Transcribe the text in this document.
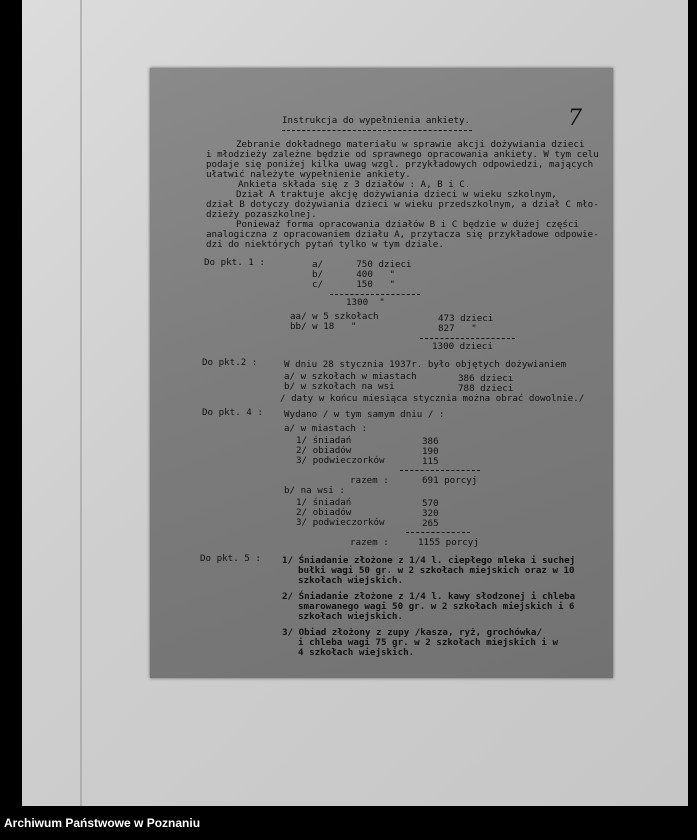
7
Instrukcja do wypełnienia ankiety.
Zebranie dokładnego materiału w sprawie akcji dożywiania dzieci
i młodzieży zależne będzie od sprawnego opracowania ankiety. W tym celu
podaje się poniżej kilka uwag wzgl. przykładowych odpowiedzi, mających
ułatwić należyte wypełnienie ankiety.
Ankieta składa się z 3 działów : A, B i C.
Dział A traktuje akcję dożywiania dzieci w wieku szkolnym,
dział B dotyczy dożywiania dzieci w wieku przedszkolnym, a dział C mło-
dzieży pozaszkolnej.
Ponieważ forma opracowania działów B i C będzie w dużej części
analogiczna z opracowaniem działu A, przytacza się przykładowe odpowie-
dzi do niektórych pytań tylko w tym dziale.
Do pkt. 1 :	a/      750 dzieci
b/      400   "
c/      150   "
1300  "
aa/ w 5 szkołach	473 dzieci
bb/ w 18   "	827   "
1300 dzieci
Do pkt.2 :	W dniu 28 stycznia 1937r. było objętych dożywianiem
a/ w szkołach w miastach	386 dzieci
b/ w szkołach na wsi	788 dzieci
/ daty w końcu miesiąca stycznia można obrać dowolnie./
Do pkt. 4 : Wydano / w tym samym dniu / :
a/ w miastach :
1/ śniadań	386
2/ obiadów	190
3/ podwieczorków	115
razem :	691 porcyj
b/ na wsi :
1/ śniadań	570
2/ obiadów	320
3/ podwieczorków	265
razem :	1155 porcyj
Do pkt. 5 : 1/ Śniadanie złożone z 1/4 l. ciepłego mleka i suchej
bułki wagi 50 gr. w 2 szkołach miejskich oraz w 10
szkołach wiejskich.
2/ Śniadanie złożone z 1/4 l. kawy słodzonej i chleba
smarowanego wagi 50 gr. w 2 szkołach miejskich i 6
szkołach wiejskich.
3/ Obiad złożony z zupy /kasza, ryż, grochówka/
i chleba wagi 75 gr. w 2 szkołach miejskich i w
4 szkołach wiejskich.
Archiwum Państwowe w Poznaniu
